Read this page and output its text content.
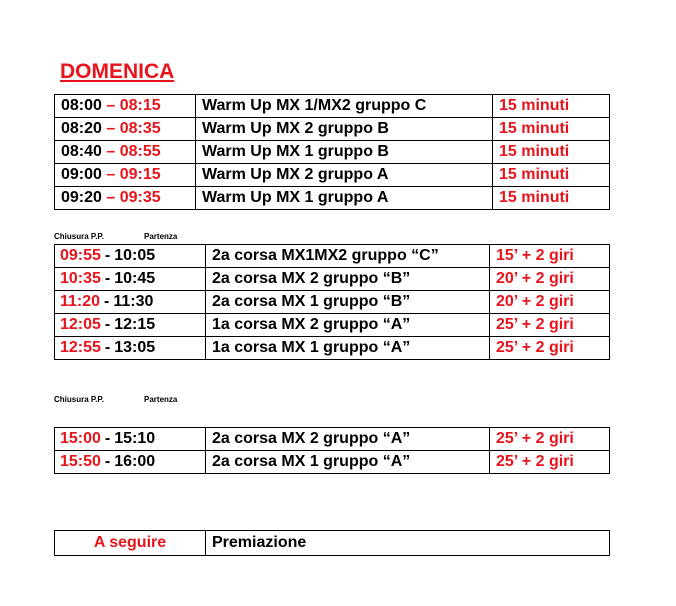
DOMENICA
08:00 – 08:15	Warm Up MX 1/MX2 gruppo C	15 minuti
08:20 – 08:35	Warm Up MX 2 gruppo B	15 minuti
08:40 – 08:55	Warm Up MX 1 gruppo B	15 minuti
09:00 – 09:15	Warm Up MX 2 gruppo A	15 minuti
09:20 – 09:35	Warm Up MX 1 gruppo A	15 minuti
Chiusura P.P.	Partenza
09:55 - 10:05	2a corsa MX1MX2 gruppo “C”	15’ + 2 giri
10:35 - 10:45	2a corsa MX 2 gruppo “B”	20’ + 2 giri
11:20 - 11:30	2a corsa MX 1 gruppo “B”	20’ + 2 giri
12:05 - 12:15	1a corsa MX 2 gruppo “A”	25’ + 2 giri
12:55 - 13:05	1a corsa MX 1 gruppo “A”	25’ + 2 giri
Chiusura P.P.	Partenza
15:00 - 15:10	2a corsa MX 2 gruppo “A”	25’ + 2 giri
15:50 - 16:00	2a corsa MX 1 gruppo “A”	25’ + 2 giri
A seguire	Premiazione
